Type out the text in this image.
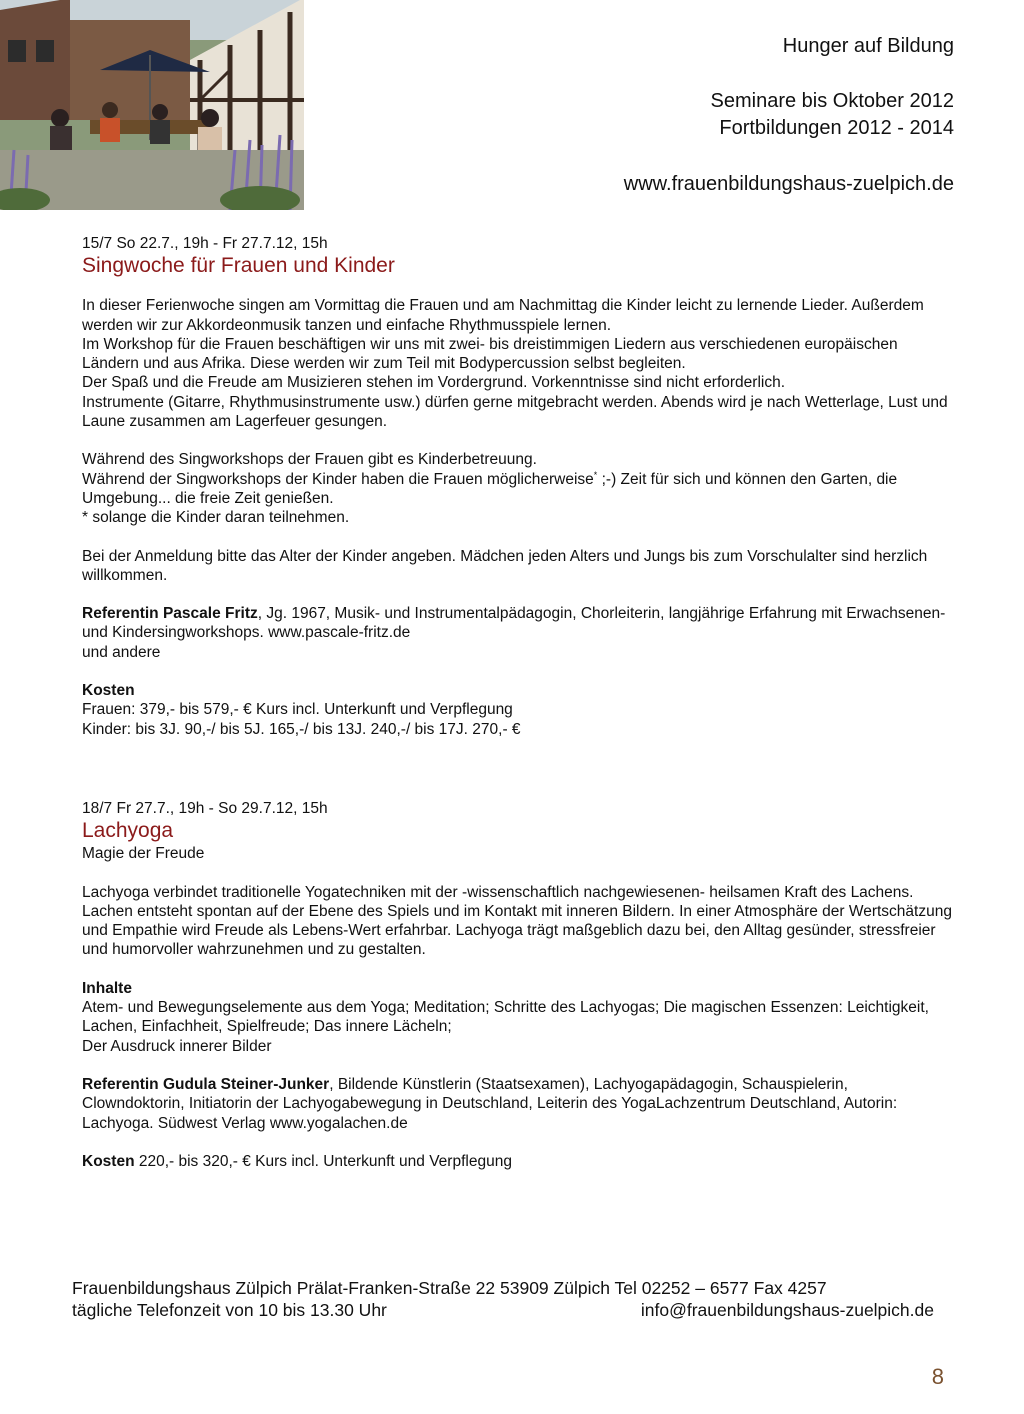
Hunger auf Bildung
Seminare bis Oktober 2012
Fortbildungen 2012 - 2014
www.frauenbildungshaus-zuelpich.de

15/7 So 22.7., 19h - Fr 27.7.12, 15h

Singwoche für Frauen und Kinder

In dieser Ferienwoche singen am Vormittag die Frauen und am Nachmittag die Kinder leicht zu lernende Lieder. Außerdem werden wir zur Akkordeonmusik tanzen und einfache Rhythmusspiele lernen.

Im Workshop für die Frauen beschäftigen wir uns mit zwei- bis dreistimmigen Liedern aus verschiedenen europäischen Ländern und aus Afrika. Diese werden wir zum Teil mit Bodypercussion selbst begleiten.

Der Spaß und die Freude am Musizieren stehen im Vordergrund. Vorkenntnisse sind nicht erforderlich.

Instrumente (Gitarre, Rhythmusinstrumente usw.) dürfen gerne mitgebracht werden. Abends wird je nach Wetterlage, Lust und Laune zusammen am Lagerfeuer gesungen.

Während des Singworkshops der Frauen gibt es Kinderbetreuung.

Während der Singworkshops der Kinder haben die Frauen möglicherweise* ;-) Zeit für sich und können den Garten, die Umgebung... die freie Zeit genießen.

* solange die Kinder daran teilnehmen.

Bei der Anmeldung bitte das Alter der Kinder angeben. Mädchen jeden Alters und Jungs bis zum Vorschulalter sind herzlich willkommen.

Referentin Pascale Fritz, Jg. 1967, Musik- und Instrumentalpädagogin, Chorleiterin, langjährige Erfahrung mit Erwachsenen- und Kindersingworkshops. www.pascale-fritz.de

und andere

Kosten

Frauen: 379,- bis 579,- € Kurs incl. Unterkunft und Verpflegung

Kinder: bis 3J. 90,-/ bis 5J. 165,-/ bis 13J. 240,-/ bis 17J. 270,- €

18/7 Fr 27.7., 19h - So 29.7.12, 15h

Lachyoga

Magie der Freude

Lachyoga verbindet traditionelle Yogatechniken mit der -wissenschaftlich nachgewiesenen- heilsamen Kraft des Lachens. Lachen entsteht spontan auf der Ebene des Spiels und im Kontakt mit inneren Bildern. In einer Atmosphäre der Wertschätzung und Empathie wird Freude als Lebens-Wert erfahrbar. Lachyoga trägt maßgeblich dazu bei, den Alltag gesünder, stressfreier und humorvoller wahrzunehmen und zu gestalten.

Inhalte

Atem- und Bewegungselemente aus dem Yoga; Meditation; Schritte des Lachyogas; Die magischen Essenzen: Leichtigkeit, Lachen, Einfachheit, Spielfreude; Das innere Lächeln;

Der Ausdruck innerer Bilder

Referentin Gudula Steiner-Junker, Bildende Künstlerin (Staatsexamen), Lachyogapädagogin, Schauspielerin, Clowndoktorin, Initiatorin der Lachyogabewegung in Deutschland, Leiterin des YogaLachzentrum Deutschland, Autorin: Lachyoga. Südwest Verlag www.yogalachen.de

Kosten 220,- bis 320,- € Kurs incl. Unterkunft und Verpflegung

Frauenbildungshaus Zülpich Prälat-Franken-Straße 22 53909 Zülpich Tel 02252 – 6577 Fax 4257
tägliche Telefonzeit von 10 bis 13.30 Uhr	info@frauenbildungshaus-zuelpich.de
8
